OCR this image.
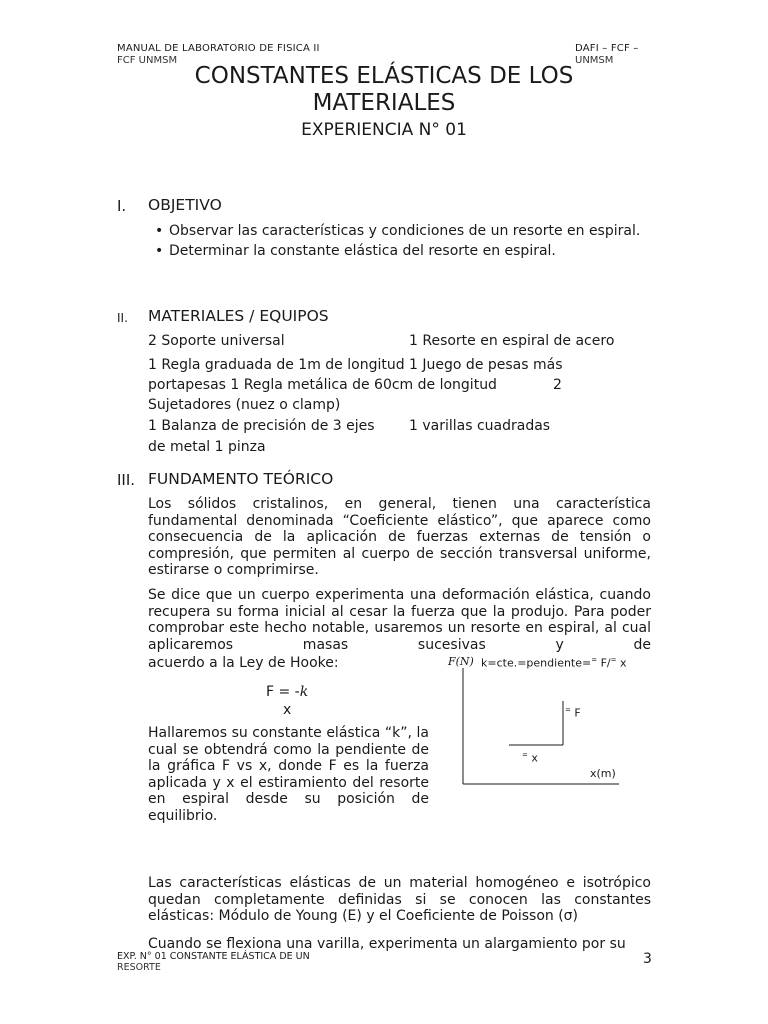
MANUAL DE LABORATORIO DE FISICA II
FCF UNMSM
DAFI – FCF –
UNMSM
CONSTANTES ELÁSTICAS DE LOS
MATERIALES
EXPERIENCIA N° 01
I. OBJETIVO
• Observar las características y condiciones de un resorte en espiral.
• Determinar la constante elástica del resorte en espiral.
II. MATERIALES / EQUIPOS
2 Soporte universal	1 Resorte en espiral de acero
1 Regla graduada de 1m de longitud 1 Juego de pesas más
portapesas 1 Regla metálica de 60cm de longitud	2
Sujetadores (nuez o clamp)
1 Balanza de precisión de 3 ejes 1 varillas cuadradas
de metal 1 pinza
III. FUNDAMENTO TEÓRICO
Los sólidos cristalinos, en general, tienen una característica fundamental denominada “Coeficiente elástico”, que aparece como consecuencia de la aplicación de fuerzas externas de tensión o compresión, que permiten al cuerpo de sección transversal uniforme, estirarse o comprimirse.
Se dice que un cuerpo experimenta una deformación elástica, cuando recupera su forma inicial al cesar la fuerza que la produjo. Para poder comprobar este hecho notable, usaremos un resorte en espiral, al cual aplicaremos masas sucesivas y de
acuerdo a la Ley de Hooke:
F = -k
x
Hallaremos su constante elástica “k”, la cual se obtendrá como la pendiente de la gráfica F vs x, donde F es la fuerza aplicada y x el estiramiento del resorte en espiral desde su posición de equilibrio.
F(N) k=cte.=pendiente== F/= x
= F
= x
x(m)
Las características elásticas de un material homogéneo e isotrópico quedan completamente definidas si se conocen las constantes elásticas: Módulo de Young (E) y el Coeficiente de Poisson (σ)
Cuando se flexiona una varilla, experimenta un alargamiento por su
EXP. N° 01 CONSTANTE ELÁSTICA DE UN
RESORTE
3
